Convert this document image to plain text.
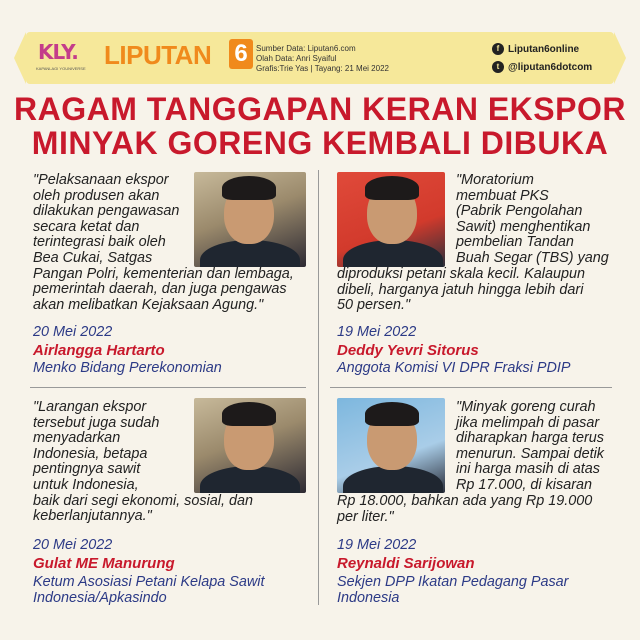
KLY.
KAPANLAGI YOUNIVERSE LIPUTAN 6	Sumber Data: Liputan6.com
Olah Data: Anri Syaiful
Grafis:Trie Yas | Tayang: 21 Mei 2022
f Liputan6online
t @liputan6dotcom
RAGAM TANGGAPAN KERAN EKSPOR
MINYAK GORENG KEMBALI DIBUKA
"Pelaksanaan ekspor
oleh produsen akan
dilakukan pengawasan
secara ketat dan
terintegrasi baik oleh
Bea Cukai, Satgas
Pangan Polri, kementerian dan lembaga,
pemerintah daerah, dan juga pengawas
akan melibatkan Kejaksaan Agung."
20 Mei 2022
Airlangga Hartarto
Menko Bidang Perekonomian
"Moratorium
membuat PKS
(Pabrik Pengolahan
Sawit) menghentikan
pembelian Tandan
Buah Segar (TBS) yang
diproduksi petani skala kecil. Kalaupun
dibeli, harganya jatuh hingga lebih dari
50 persen."
19 Mei 2022
Deddy Yevri Sitorus
Anggota Komisi VI DPR Fraksi PDIP
"Larangan ekspor
tersebut juga sudah
menyadarkan
Indonesia, betapa
pentingnya sawit
untuk Indonesia,
baik dari segi ekonomi, sosial, dan
keberlanjutannya."
20 Mei 2022
Gulat ME Manurung
Ketum Asosiasi Petani Kelapa Sawit
Indonesia/Apkasindo
"Minyak goreng curah
jika melimpah di pasar
diharapkan harga terus
menurun. Sampai detik
ini harga masih di atas
Rp 17.000, di kisaran
Rp 18.000, bahkan ada yang Rp 19.000
per liter."
19 Mei 2022
Reynaldi Sarijowan
Sekjen DPP Ikatan Pedagang Pasar
Indonesia
